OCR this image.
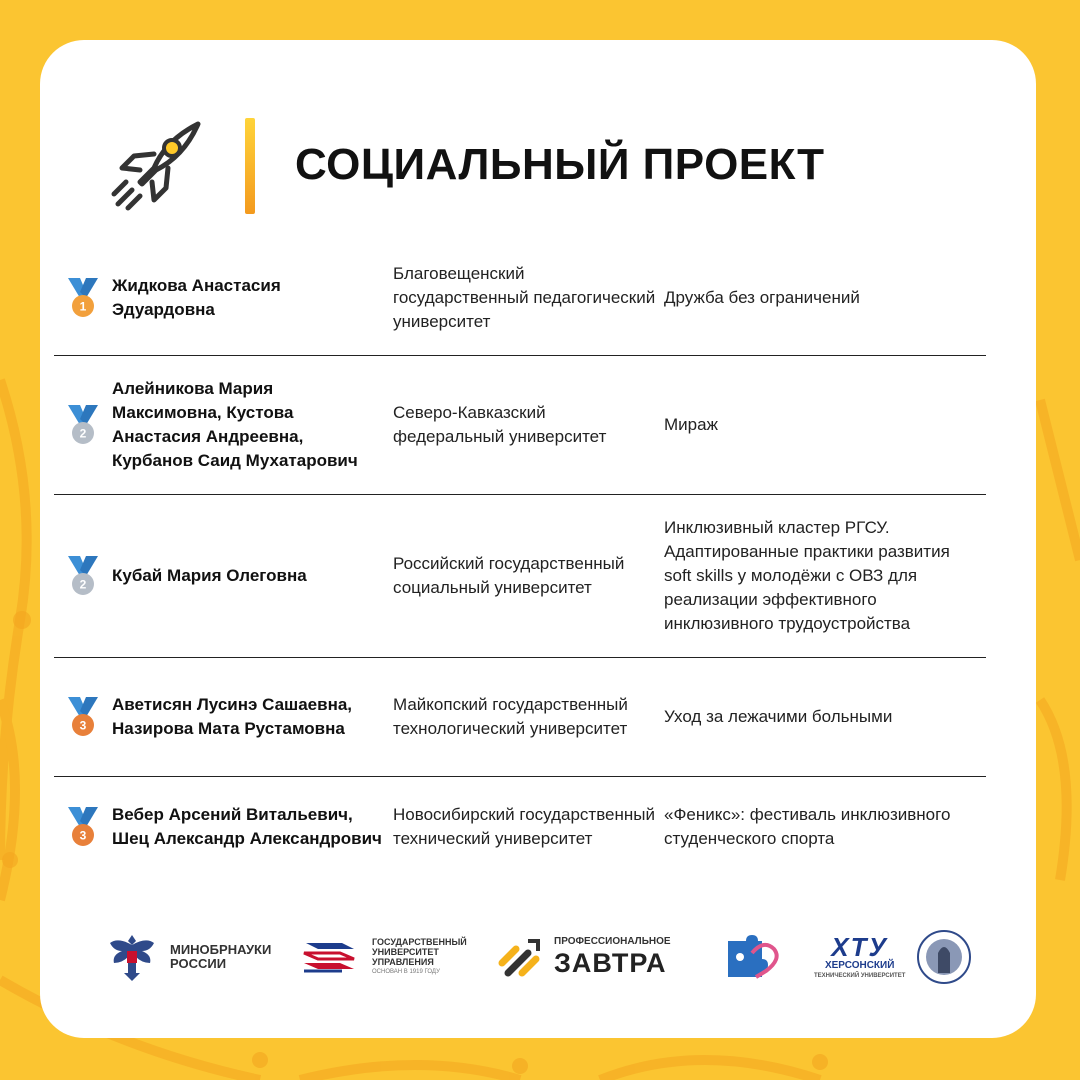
СОЦИАЛЬНЫЙ ПРОЕКТ
1
Жидкова Анастасия Эдуардовна
Благовещенский государственный педагогический университет
Дружба без ограничений
2
Алейникова Мария Максимовна, Кустова Анастасия Андреевна, Курбанов Саид Мухатарович
Северо-Кавказский федеральный университет
Мираж
2 Кубай Мария Олеговна
Российский государственный социальный университет
Инклюзивный кластер РГСУ. Адаптированные практики развития soft skills у молодёжи с ОВЗ для реализации эффективного инклюзивного трудоустройства
3
Аветисян Лусинэ Сашаевна, Назирова Мата Рустамовна
Майкопский государственный технологический университет
Уход за лежачими больными
3
Вебер Арсений Витальевич, Шец Александр Александрович
Новосибирский государственный технический университет
«Феникс»: фестиваль инклюзивного студенческого спорта
МИНОБРНАУКИ
РОССИИ
ГОСУДАРСТВЕННЫЙ
УНИВЕРСИТЕТ
УПРАВЛЕНИЯ
ОСНОВАН В 1919 ГОДУ
ПРОФЕССИОНАЛЬНОЕ
ЗАВТРА
ХТУ
ХЕРСОНСКИЙ
ТЕХНИЧЕСКИЙ УНИВЕРСИТЕТ
